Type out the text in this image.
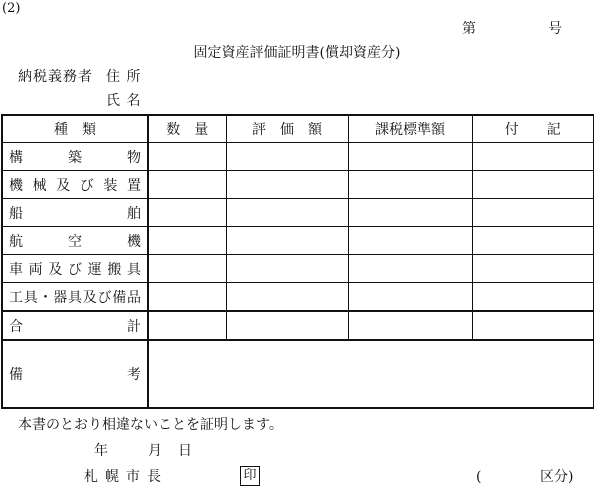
(2)
第	号
固定資産評価証明書(償却資産分)
納税義務者 住 所
氏 名
種　類	数　量	評　価　額	課税標準額	付　　記
構築物				
機械及び装置				
船舶				
航空機				
車両及び運搬具				
工具・器具及び備品				
合計				
備考				
本書のとおり相違ないことを証明します。
年	月 日
札幌市長	印	(	区分)
